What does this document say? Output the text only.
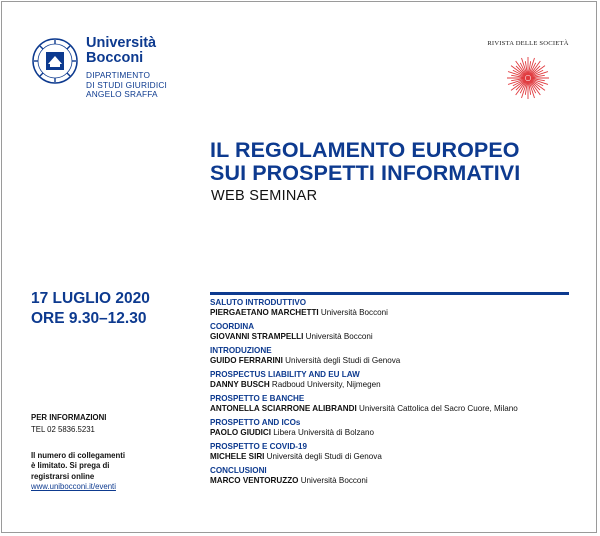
Università
Bocconi
DIPARTIMENTO
DI STUDI GIURIDICI
ANGELO SRAFFA
RIVISTA DELLE SOCIETÀ
IL REGOLAMENTO EUROPEO
SUI PROSPETTI INFORMATIVI
WEB SEMINAR
17 LUGLIO 2020
ORE 9.30–12.30
SALUTO INTRODUTTIVO
PIERGAETANO MARCHETTI Università Bocconi
COORDINA
GIOVANNI STRAMPELLI Università Bocconi
INTRODUZIONE
GUIDO FERRARINI Università degli Studi di Genova
PROSPECTUS LIABILITY AND EU LAW
DANNY BUSCH Radboud University, Nijmegen
PROSPETTO E BANCHE
ANTONELLA SCIARRONE ALIBRANDI Università Cattolica del Sacro Cuore, Milano
PROSPETTO AND ICOs
PAOLO GIUDICI Libera Università di Bolzano
PROSPETTO E COVID-19
MICHELE SIRI Università degli Studi di Genova
CONCLUSIONI
MARCO VENTORUZZO Università Bocconi
PER INFORMAZIONI
TEL 02 5836.5231
Il numero di collegamenti
è limitato. Si prega di
registrarsi online
www.unibocconi.it/eventi
